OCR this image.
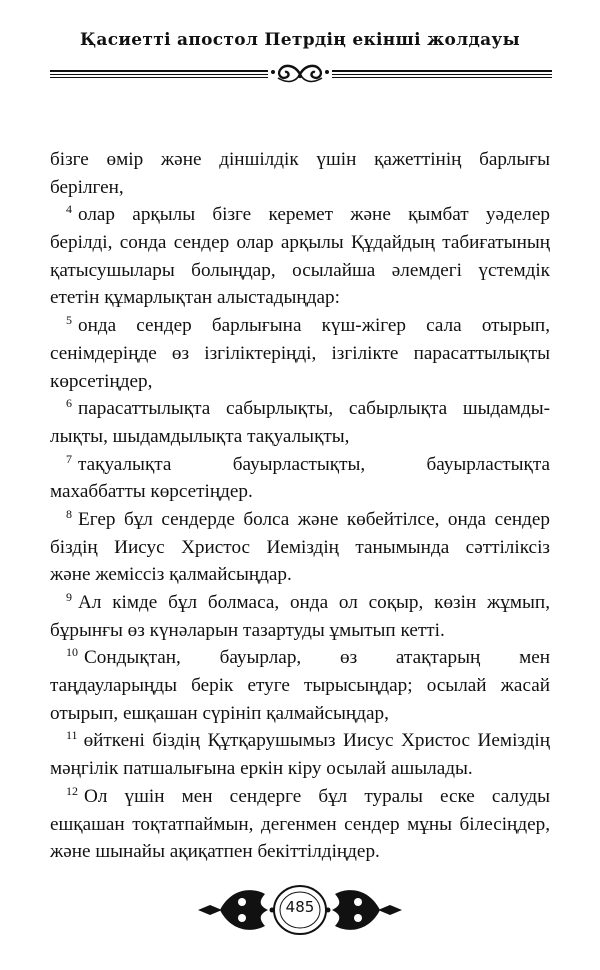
Қасиетті апостол Петрдің екінші жолдауы
бізге өмір және діншілдік үшін қажеттінің барлығы
берілген,
$^4$ олар арқылы бізге керемет және қымбат уәделер
берілді, сонда сендер олар арқылы Құдайдың табиғатының
қатысушылары болыңдар, осылайша әлемдегі үстемдік
ететін құмарлықтан алыстадыңдар:
$^5$ онда сендер барлығына күш-жігер сала отырып,
сенімдеріңде өз ізгіліктеріңді, ізгілікте парасаттылықты
көрсетіңдер,
$^6$ парасаттылықта сабырлықты, сабырлықта шыдамды-
лықты, шыдамдылықта тақуалықты,
$^7$ тақуалықта бауырластықты, бауырластықта
махаббатты көрсетіңдер.
$^8$ Егер бұл сендерде болса және көбейтілсе, онда сендер
біздің Иисус Христос Иеміздің танымында сәттіліксіз
және жеміссіз қалмайсыңдар.
$^9$ Ал кімде бұл болмаса, онда ол соқыр, көзін жұмып,
бұрынғы өз күнәларын тазартуды ұмытып кетті.
$^{10}$ Сондықтан, бауырлар, өз атақтарың мен
таңдауларыңды берік етуге тырысыңдар; осылай жасай
отырып, ешқашан сүрініп қалмайсыңдар,
$^{11}$ өйткені біздің Құтқарушымыз Иисус Христос Иеміздің
мәңгілік патшалығына еркін кіру осылай ашылады.
$^{12}$ Ол үшін мен сендерге бұл туралы еске салуды
ешқашан тоқтатпаймын, дегенмен сендер мұны білесіңдер,
және шынайы ақиқатпен бекіттілдіңдер.
485
